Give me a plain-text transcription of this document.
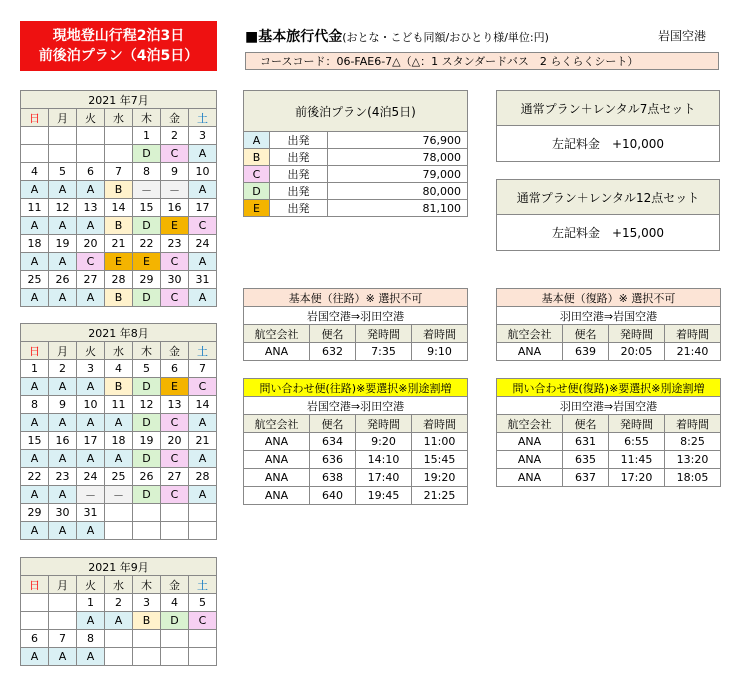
現地登山行程2泊3日
前後泊プラン（4泊5日）
■基本旅行代金(おとな・こども同額/おひとり様/単位:円)	岩国空港
コースコード：06-FAE6-7△（△：1 スタンダードバス　2 らくらくシート）
2021 年7月						
日	月	火	水	木	金	土
				1	2	3
				D	C	A
4	5	6	7	8	9	10
A	A	A	B	－	－	A
11	12	13	14	15	16	17
A	A	A	B	D	E	C
18	19	20	21	22	23	24
A	A	C	E	E	C	A
25	26	27	28	29	30	31
A	A	A	B	D	C	A
2021 年8月						
日	月	火	水	木	金	土
1	2	3	4	5	6	7
A	A	A	B	D	E	C
8	9	10	11	12	13	14
A	A	A	A	D	C	A
15	16	17	18	19	20	21
A	A	A	A	D	C	A
22	23	24	25	26	27	28
A	A	－	－	D	C	A
29	30	31				
A	A	A				
2021 年9月						
日	月	火	水	木	金	土
		1	2	3	4	5
		A	A	B	D	C
6	7	8				
A	A	A				
前後泊プラン(4泊5日)		
A	出発	76,900
B	出発	78,000
C	出発	79,000
D	出発	80,000
E	出発	81,100
通常プラン＋レンタル7点セット
左記料金　+10,000
通常プラン＋レンタル12点セット
左記料金　+15,000
基本便（往路）※ 選択不可			
岩国空港⇒羽田空港			
航空会社	便名	発時間	着時間
ANA	632	7:35	9:10
基本便（復路）※ 選択不可			
羽田空港⇒岩国空港			
航空会社	便名	発時間	着時間
ANA	639	20:05	21:40
問い合わせ便(往路)※要選択※別途割増			
岩国空港⇒羽田空港			
航空会社	便名	発時間	着時間
ANA	634	9:20	11:00
ANA	636	14:10	15:45
ANA	638	17:40	19:20
ANA	640	19:45	21:25
問い合わせ便(復路)※要選択※別途割増			
羽田空港⇒岩国空港			
航空会社	便名	発時間	着時間
ANA	631	6:55	8:25
ANA	635	11:45	13:20
ANA	637	17:20	18:05
